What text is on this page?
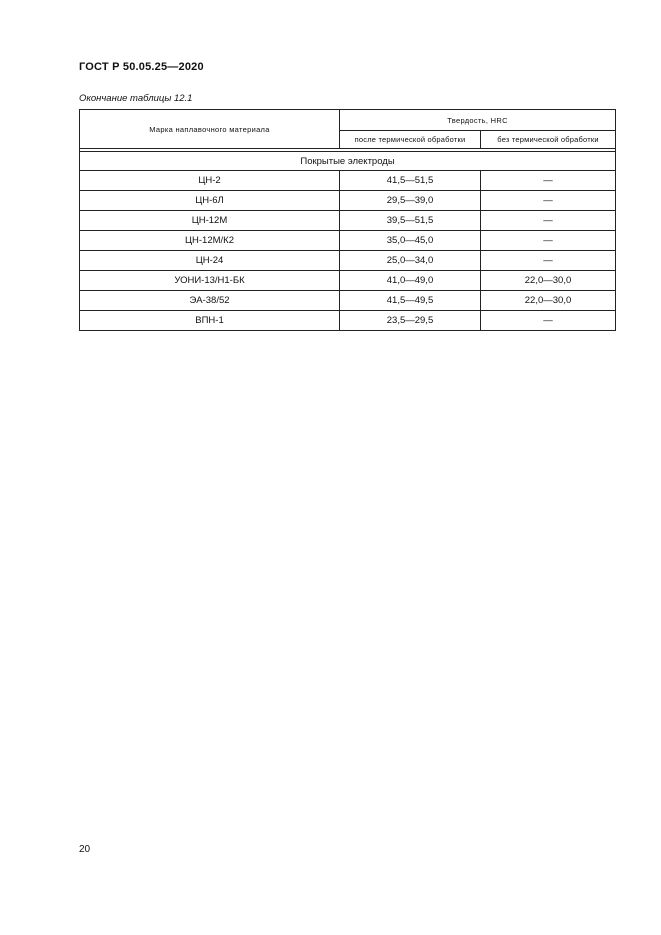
ГОСТ Р 50.05.25—2020
Окончание таблицы 12.1
Марка наплавочного материала	Твердость, HRC	
	после термической обработки	без термической обработки

Покрытые электроды		
ЦН-2	41,5—51,5	—
ЦН-6Л	29,5—39,0	—
ЦН-12М	39,5—51,5	—
ЦН-12М/К2	35,0—45,0	—
ЦН-24	25,0—34,0	—
УОНИ-13/Н1-БК	41,0—49,0	22,0—30,0
ЭА-38/52	41,5—49,5	22,0—30,0
ВПН-1	23,5—29,5	—
20
